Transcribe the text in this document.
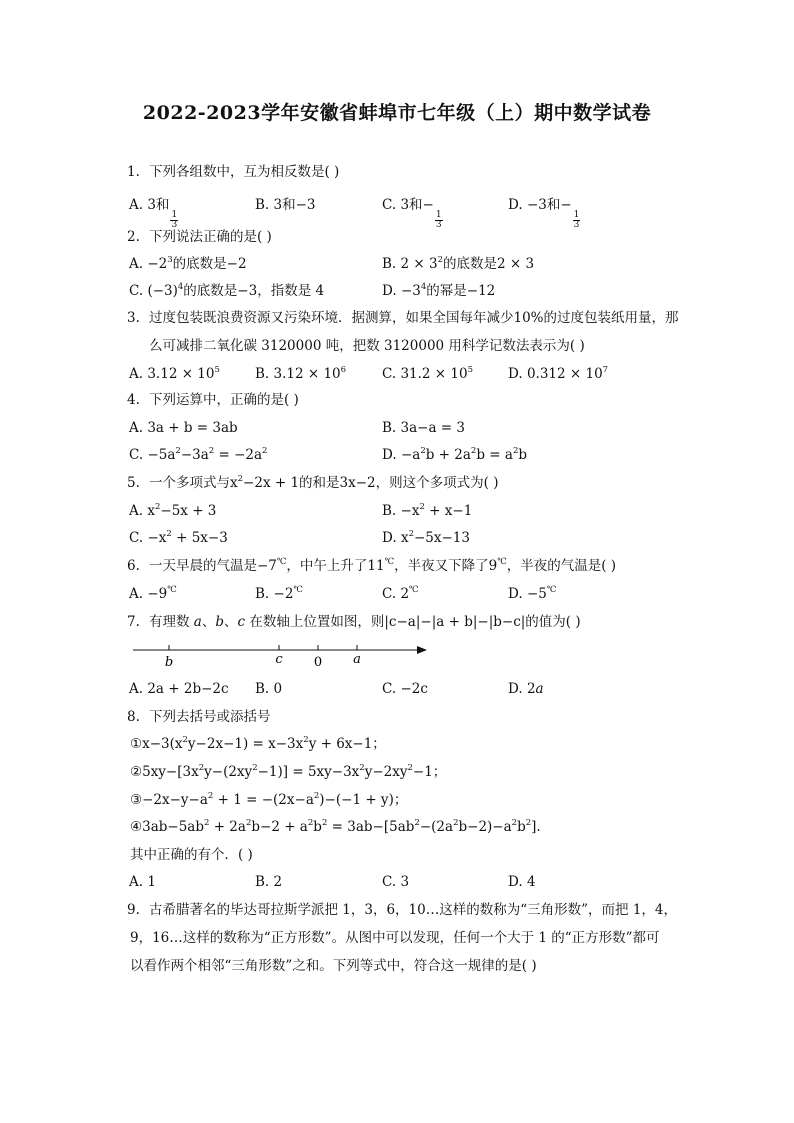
2022-2023学年安徽省蚌埠市七年级（上）期中数学试卷
1. 下列各组数中，互为相反数是( )
A. 3和
$\frac{1}{3}$
B. 3和−3	C. 3和−
$\frac{1}{3}$
D. −3和−
$\frac{1}{3}$
2. 下列说法正确的是( )
A. $-2^3$的底数是−2	B. $2 \times 3^2$的底数是2 × 3
C. $(-3)^4$的底数是−3，指数是 4	D. $-3^4$的幂是−12
3. 过度包装既浪费资源又污染环境．据测算，如果全国每年减少10%的过度包装纸用量，那
么可减排二氧化碳 3120000 吨，把数 3120000 用科学记数法表示为( )
A. $3.12 \times 10^5$	B. $3.12 \times 10^6$	C. $31.2 \times 10^5$	D. $0.312 \times 10^7$
4. 下列运算中，正确的是( )
A. 3a + b = 3ab	B. 3a−a = 3
C. $-5a^2-3a^2 = -2a^2$	D. $-a^2b + 2a^2b = a^2b$
5. 一个多项式与$x^2-2x + 1$的和是3x−2，则这个多项式为( )
A. $x^2-5x + 3$	B. $-x^2 + x-1$
C. $-x^2 + 5x-3$	D. $x^2-5x-13$
6. 一天早晨的气温是−7℃，中午上升了11℃，半夜又下降了9℃，半夜的气温是( )
A. −9℃	B. −2℃	C. 2℃	D. −5℃
7. 有理数 a、b、c 在数轴上位置如图，则|c−a|−|a + b|−|b−c|的值为( )
b	c 0 a
A. 2a + 2b−2c B. 0	C. −2c	D. 2a
8. 下列去括号或添括号
$①x-3(x^2y-2x-1) = x-3x^2y + 6x-1$；
$②5xy-[3x^2y-(2xy^2-1)] = 5xy-3x^2y-2xy^2-1$；
$③-2x-y-a^2 + 1 = -(2x-a^2)-(-1 + y)$；
$④3ab-5ab^2 + 2a^2b-2 + a^2b^2 = 3ab-[5ab^2-(2a^2b-2)-a^2b^2]$.
其中正确的有个．( )
A. 1	B. 2	C. 3	D. 4
9. 古希腊著名的毕达哥拉斯学派把 1，3，6，10…这样的数称为“三角形数”，而把 1，4，
9，16…这样的数称为“正方形数”。从图中可以发现，任何一个大于 1 的“正方形数”都可
以看作两个相邻“三角形数”之和。下列等式中，符合这一规律的是( )
